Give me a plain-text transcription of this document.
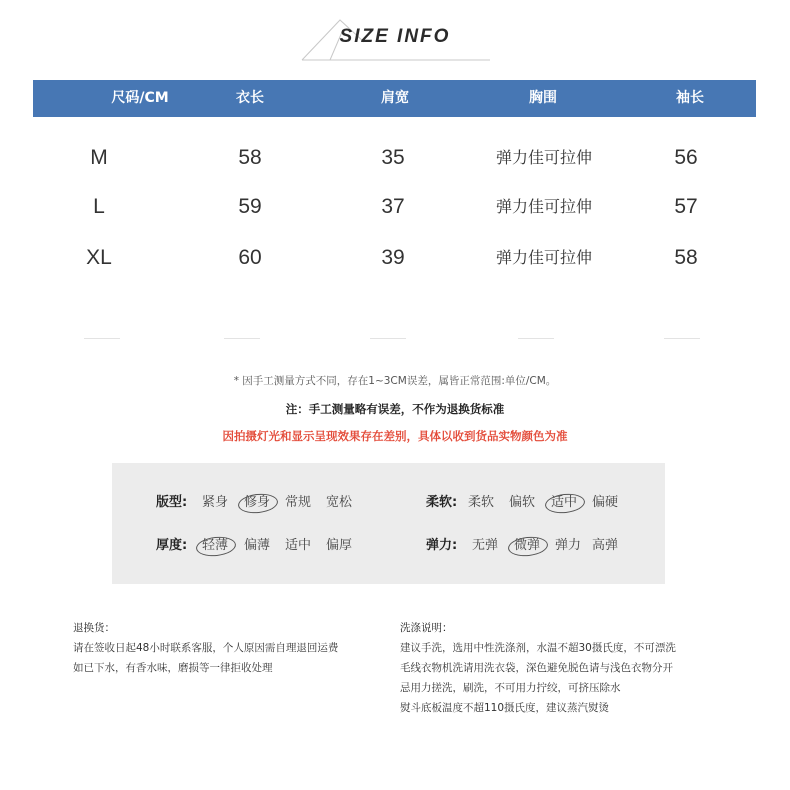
SIZE INFO
尺码/CM	衣长	肩宽	胸围	袖长
M	58	35	弹力佳可拉伸	56
L	59	37	弹力佳可拉伸	57
XL	60	39	弹力佳可拉伸	58
* 因手工测量方式不同，存在1~3CM误差，属皆正常范围:单位/CM。
注：手工测量略有误差，不作为退换货标准
因拍摄灯光和显示呈现效果存在差别，具体以收到货品实物颜色为准
版型: 紧身 修身 常规 宽松	柔软: 柔软 偏软 适中 偏硬
厚度: 轻薄 偏薄 适中 偏厚	弹力: 无弹 微弹 弹力 高弹
退换货：
请在签收日起48小时联系客服，个人原因需自理退回运费
如已下水，有香水味，磨损等一律拒收处理
洗涤说明：
建议手洗，选用中性洗涤剂，水温不超30摄氏度，不可漂洗
毛线衣物机洗请用洗衣袋，深色避免脱色请与浅色衣物分开
忌用力搓洗，刷洗，不可用力拧绞，可挤压除水
熨斗底板温度不超110摄氏度，建议蒸汽熨烫
